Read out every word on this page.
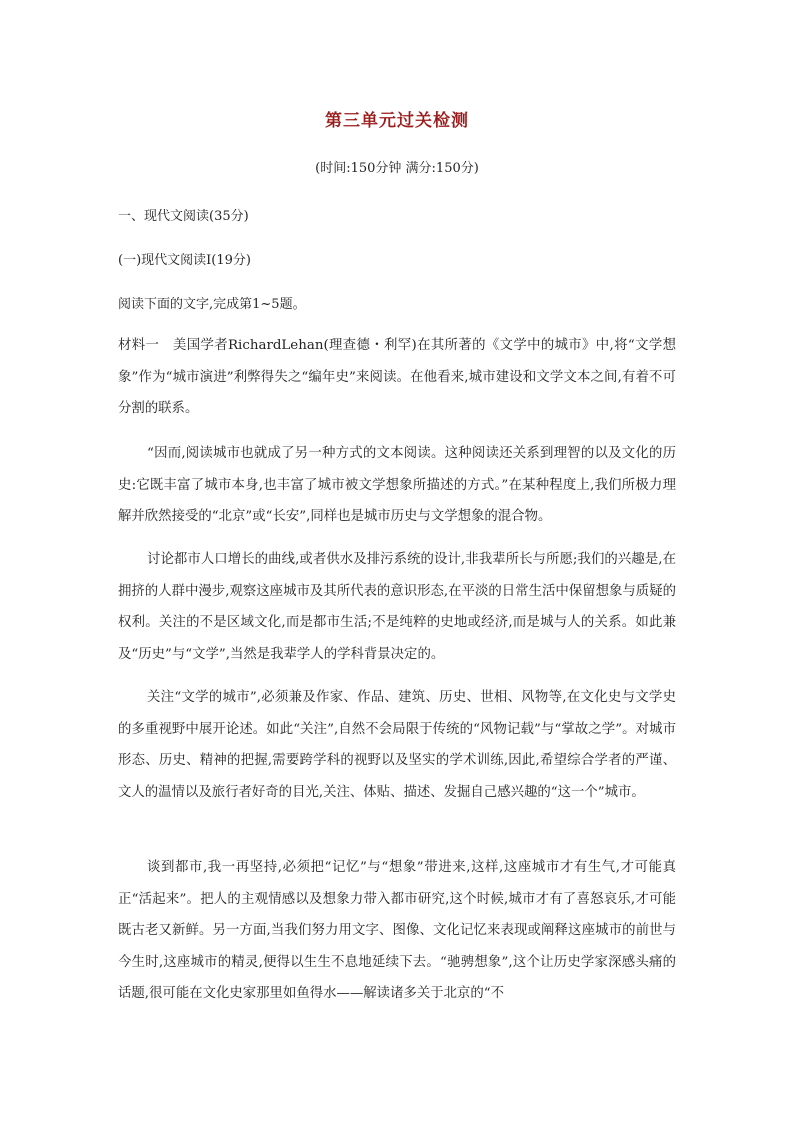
第三单元过关检测
(时间:150分钟 满分:150分)
一、现代文阅读(35分)
(一)现代文阅读Ⅰ(19分)
阅读下面的文字,完成第1~5题。

材料一　美国学者RichardLehan(理查德・利罕)在其所著的《文学中的城市》中,将“文学想象”作为“城市演进”利弊得失之“编年史”来阅读。在他看来,城市建设和文学文本之间,有着不可分割的联系。

“因而,阅读城市也就成了另一种方式的文本阅读。这种阅读还关系到理智的以及文化的历史:它既丰富了城市本身,也丰富了城市被文学想象所描述的方式。”在某种程度上,我们所极力理解并欣然接受的“北京”或“长安”,同样也是城市历史与文学想象的混合物。

讨论都市人口增长的曲线,或者供水及排污系统的设计,非我辈所长与所愿;我们的兴趣是,在拥挤的人群中漫步,观察这座城市及其所代表的意识形态,在平淡的日常生活中保留想象与质疑的权利。关注的不是区域文化,而是都市生活;不是纯粹的史地或经济,而是城与人的关系。如此兼及“历史”与“文学”,当然是我辈学人的学科背景决定的。

关注“文学的城市”,必须兼及作家、作品、建筑、历史、世相、风物等,在文化史与文学史的多重视野中展开论述。如此“关注”,自然不会局限于传统的“风物记载”与“掌故之学”。对城市形态、历史、精神的把握,需要跨学科的视野以及坚实的学术训练,因此,希望综合学者的严谨、文人的温情以及旅行者好奇的目光,关注、体贴、描述、发掘自己感兴趣的“这一个”城市。

谈到都市,我一再坚持,必须把“记忆”与“想象”带进来,这样,这座城市才有生气,才可能真正“活起来”。把人的主观情感以及想象力带入都市研究,这个时候,城市才有了喜怒哀乐,才可能既古老又新鲜。另一方面,当我们努力用文字、图像、文化记忆来表现或阐释这座城市的前世与今生时,这座城市的精灵,便得以生生不息地延续下去。“驰骋想象”,这个让历史学家深感头痛的话题,很可能在文化史家那里如鱼得水——解读诸多关于北京的“不
